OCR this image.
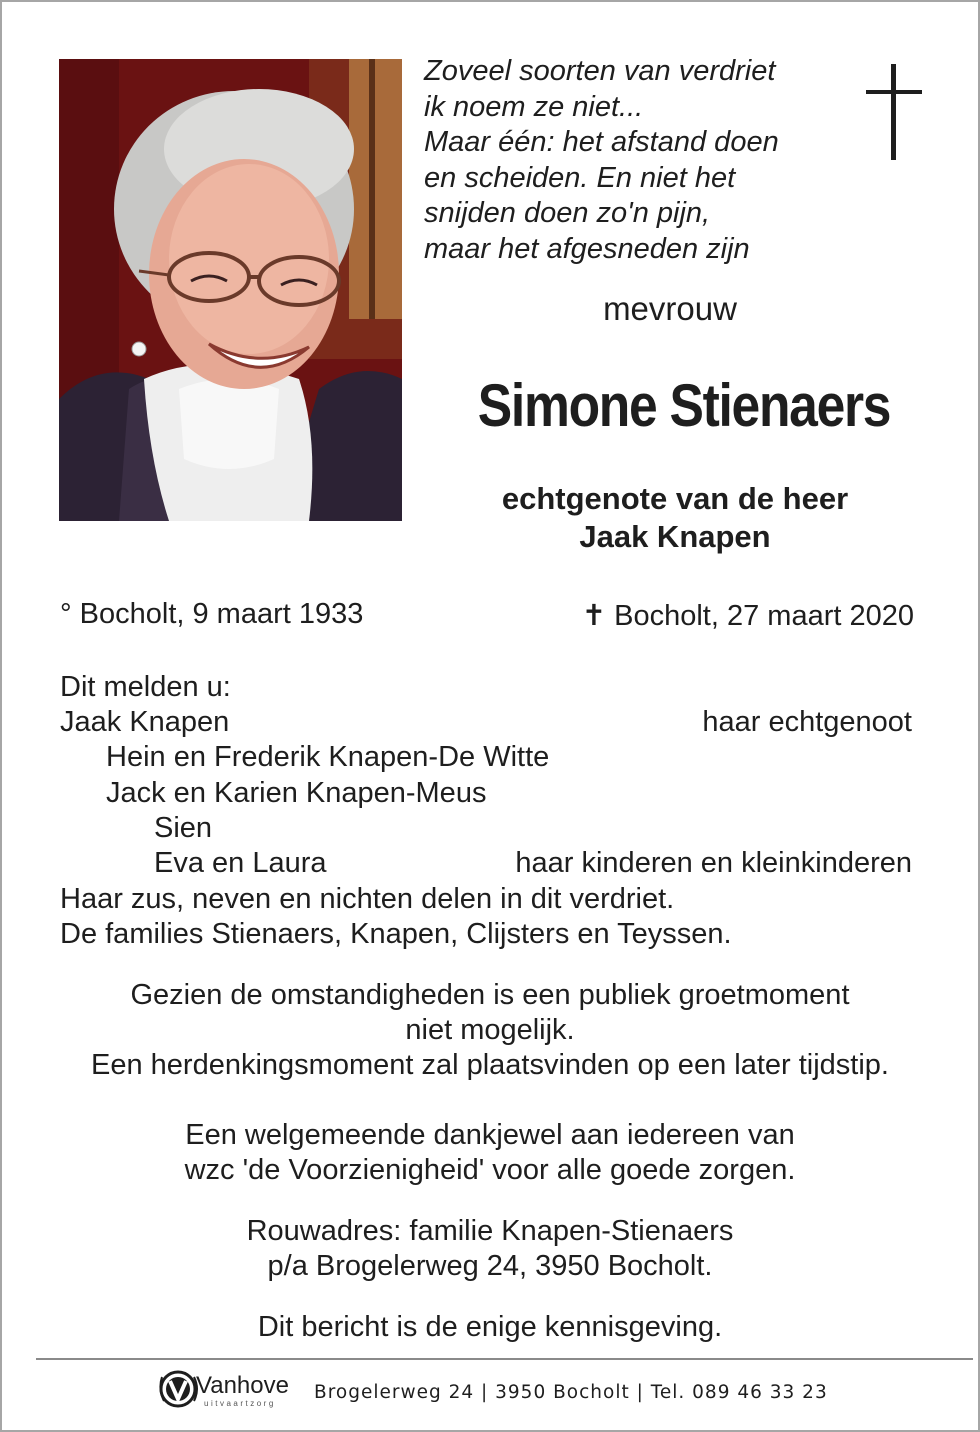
Zoveel soorten van verdriet
ik noem ze niet...
Maar één: het afstand doen
en scheiden. En niet het
snijden doen zo'n pijn,
maar het afgesneden zijn
mevrouw
Simone Stienaers
echtgenote van de heer
Jaak Knapen
° Bocholt, 9 maart 1933	✝ Bocholt, 27 maart 2020
Dit melden u:
Jaak Knapen	haar echtgenoot
Hein en Frederik Knapen-De Witte
Jack en Karien Knapen-Meus
Sien
Eva en Laura	haar kinderen en kleinkinderen
Haar zus, neven en nichten delen in dit verdriet.
De families Stienaers, Knapen, Clijsters en Teyssen.
Gezien de omstandigheden is een publiek groetmoment
niet mogelijk.
Een herdenkingsmoment zal plaatsvinden op een later tijdstip.
Een welgemeende dankjewel aan iedereen van
wzc 'de Voorzienigheid' voor alle goede zorgen.
Rouwadres: familie Knapen-Stienaers
p/a Brogelerweg 24, 3950 Bocholt.
Dit bericht is de enige kennisgeving.
Vanhove
uitvaartzorg
Brogelerweg 24 | 3950 Bocholt | Tel. 089 46 33 23
